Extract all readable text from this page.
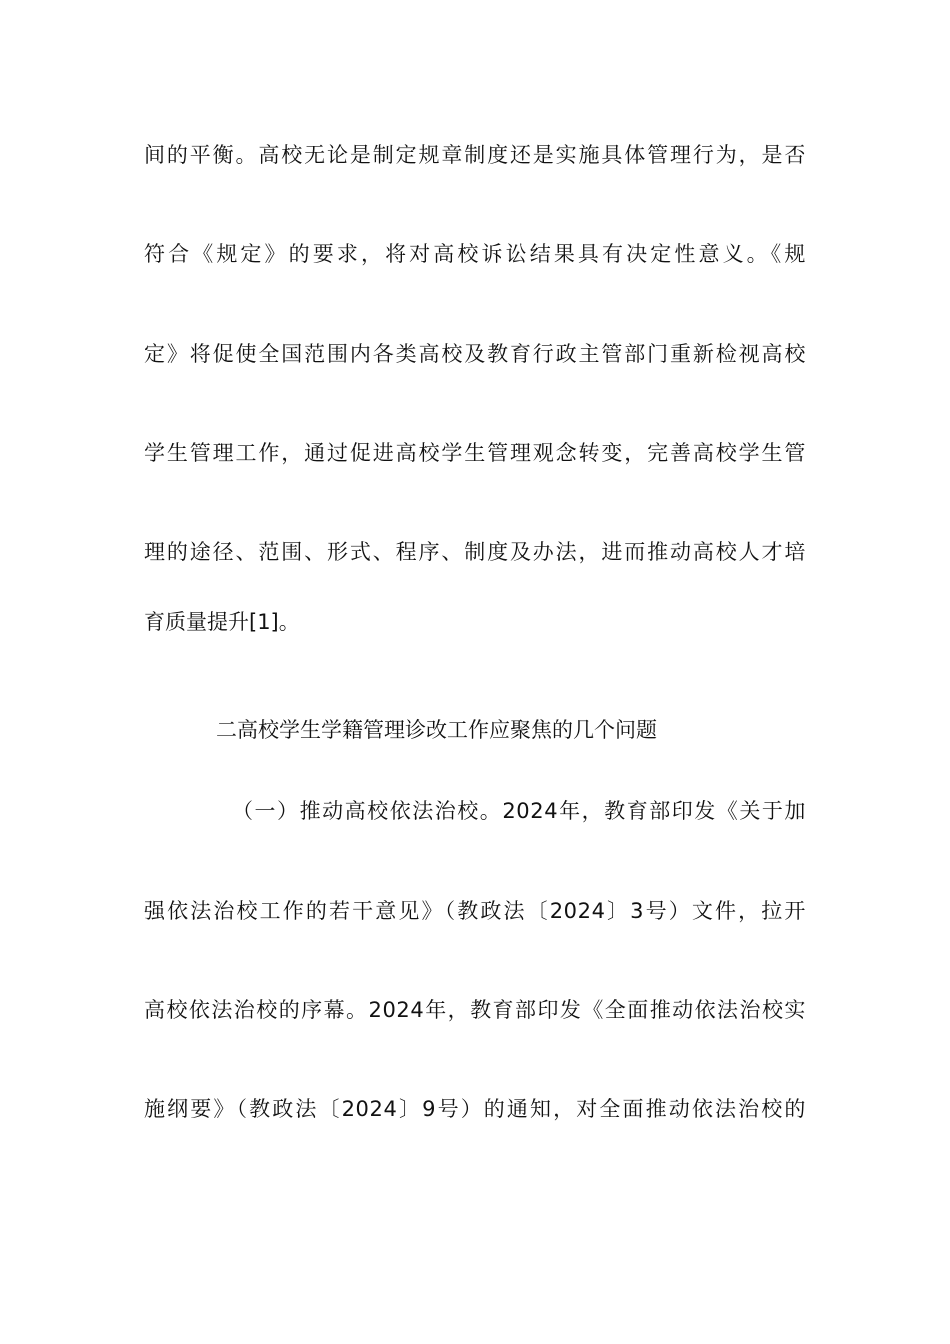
间的平衡。高校无论是制定规章制度还是实施具体管理行为，是否
符合《规定》的要求，将对高校诉讼结果具有决定性意义。《规
定》将促使全国范围内各类高校及教育行政主管部门重新检视高校
学生管理工作，通过促进高校学生管理观念转变，完善高校学生管
理的途径、范围、形式、程序、制度及办法，进而推动高校人才培
育质量提升[1]。
二高校学生学籍管理诊改工作应聚焦的几个问题
（一）推动高校依法治校。2024年，教育部印发《关于加
强依法治校工作的若干意见》（教政法〔2024〕3号）文件，拉开
高校依法治校的序幕。2024年，教育部印发《全面推动依法治校实
施纲要》（教政法〔2024〕9号）的通知，对全面推动依法治校的
